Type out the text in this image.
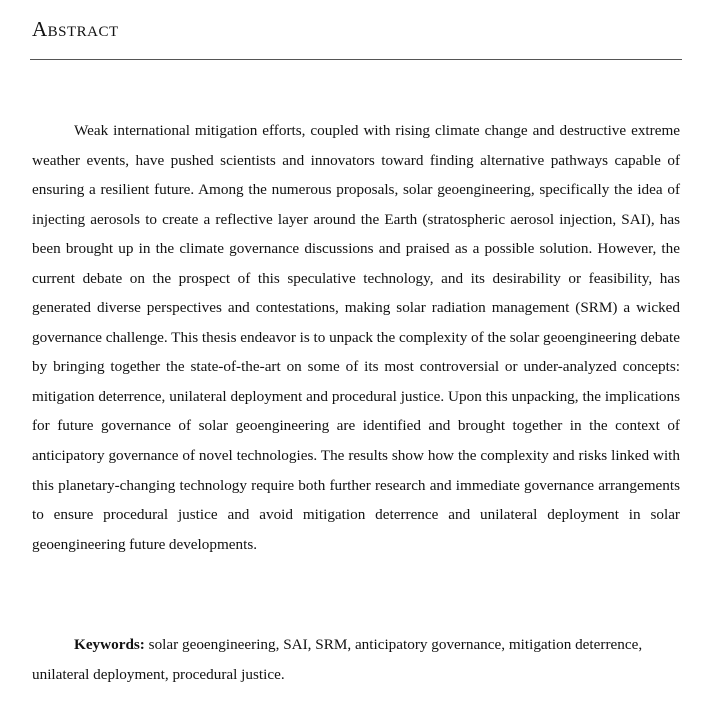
Abstract

Weak international mitigation efforts, coupled with rising climate change and destructive extreme weather events, have pushed scientists and innovators toward finding alternative pathways capable of ensuring a resilient future. Among the numerous proposals, solar geoengineering, specifically the idea of injecting aerosols to create a reflective layer around the Earth (stratospheric aerosol injection, SAI), has been brought up in the climate governance discussions and praised as a possible solution. However, the current debate on the prospect of this speculative technology, and its desirability or feasibility, has generated diverse perspectives and contestations, making solar radiation management (SRM) a wicked governance challenge. This thesis endeavor is to unpack the complexity of the solar geoengineering debate by bringing together the state-of-the-art on some of its most controversial or under-analyzed concepts: mitigation deterrence, unilateral deployment and procedural justice. Upon this unpacking, the implications for future governance of solar geoengineering are identified and brought together in the context of anticipatory governance of novel technologies. The results show how the complexity and risks linked with this planetary-changing technology require both further research and immediate governance arrangements to ensure procedural justice and avoid mitigation deterrence and unilateral deployment in solar geoengineering future developments.

Keywords: solar geoengineering, SAI, SRM, anticipatory governance, mitigation deterrence, unilateral deployment, procedural justice.
